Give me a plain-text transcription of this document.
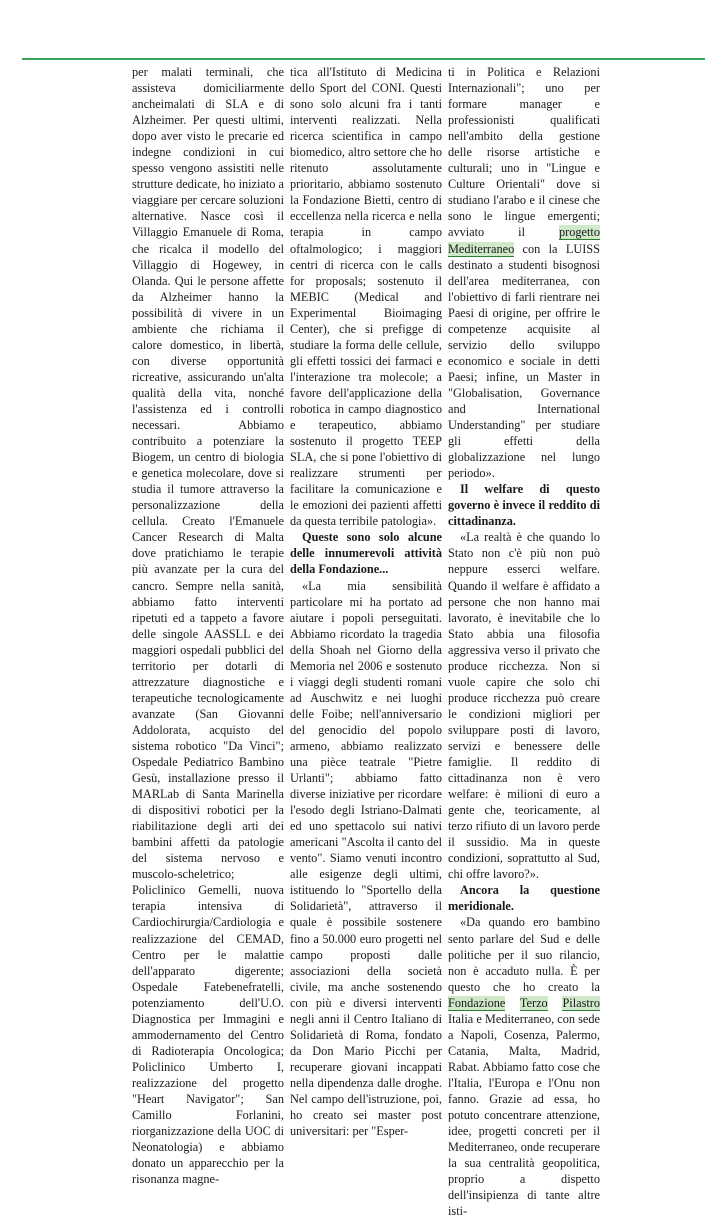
per malati terminali, che assisteva domiciliarmente ancheimalati di SLA e di Alzheimer. Per questi ultimi, dopo aver visto le precarie ed indegne condizioni in cui spesso vengono assistiti nelle strutture dedicate, ho iniziato a viaggiare per cercare soluzioni alternative. Nasce così il Villaggio Emanuele di Roma, che ricalca il modello del Villaggio di Hogewey, in Olanda. Qui le persone affette da Alzheimer hanno la possibilità di vivere in un ambiente che richiama il calore domestico, in libertà, con diverse opportunità ricreative, assicurando un'alta qualità della vita, nonché l'assistenza ed i controlli necessari. Abbiamo contribuito a potenziare la Biogem, un centro di biologia e genetica molecolare, dove si studia il tumore attraverso la personalizzazione della cellula. Creato l'Emanuele Cancer Research di Malta dove pratichiamo le terapie più avanzate per la cura del cancro. Sempre nella sanità, abbiamo fatto interventi ripetuti ed a tappeto a favore delle singole AASSLL e dei maggiori ospedali pubblici del territorio per dotarli di attrezzature diagnostiche e terapeutiche tecnologicamente avanzate (San Giovanni Addolorata, acquisto del sistema robotico "Da Vinci"; Ospedale Pediatrico Bambino Gesù, installazione presso il MARLab di Santa Marinella di dispositivi robotici per la riabilitazione degli arti dei bambini affetti da patologie del sistema nervoso e muscolo-scheletrico; Policlinico Gemelli, nuova terapia intensiva di Cardiochirurgia/Cardiologia e realizzazione del CEMAD, Centro per le malattie dell'apparato digerente; Ospedale Fatebenefratelli, potenziamento dell'U.O. Diagnostica per Immagini e ammodernamento del Centro di Radioterapia Oncologica; Policlinico Umberto I, realizzazione del progetto "Heart Navigator"; San Camillo Forlanini, riorganizzazione della UOC di Neonatologia) e abbiamo donato un apparecchio per la risonanza magne-

tica all'Istituto di Medicina dello Sport del CONI. Questi sono solo alcuni fra i tanti interventi realizzati. Nella ricerca scientifica in campo biomedico, altro settore che ho ritenuto assolutamente prioritario, abbiamo sostenuto la Fondazione Bietti, centro di eccellenza nella ricerca e nella terapia in campo oftalmologico; i maggiori centri di ricerca con le calls for proposals; sostenuto il MEBIC (Medical and Experimental Bioimaging Center), che si prefigge di studiare la forma delle cellule, gli effetti tossici dei farmaci e l'interazione tra molecole; a favore dell'applicazione della robotica in campo diagnostico e terapeutico, abbiamo sostenuto il progetto TEEP SLA, che si pone l'obiettivo di realizzare strumenti per facilitare la comunicazione e le emozioni dei pazienti affetti da questa terribile patologia».

Queste sono solo alcune delle innumerevoli attività della Fondazione...

«La mia sensibilità particolare mi ha portato ad aiutare i popoli perseguitati. Abbiamo ricordato la tragedia della Shoah nel Giorno della Memoria nel 2006 e sostenuto i viaggi degli studenti romani ad Auschwitz e nei luoghi delle Foibe; nell'anniversario del genocidio del popolo armeno, abbiamo realizzato una pièce teatrale "Pietre Urlanti"; abbiamo fatto diverse iniziative per ricordare l'esodo degli Istriano-Dalmati ed uno spettacolo sui nativi americani "Ascolta il canto del vento". Siamo venuti incontro alle esigenze degli ultimi, istituendo lo "Sportello della Solidarietà", attraverso il quale è possibile sostenere fino a 50.000 euro progetti nel campo proposti dalle associazioni della società civile, ma anche sostenendo con più e diversi interventi negli anni il Centro Italiano di Solidarietà di Roma, fondato da Don Mario Picchi per recuperare giovani incappati nella dipendenza dalle droghe. Nel campo dell'istruzione, poi, ho creato sei master post universitari: per "Esper-

ti in Politica e Relazioni Internazionali"; uno per formare manager e professionisti qualificati nell'ambito della gestione delle risorse artistiche e culturali; uno in "Lingue e Culture Orientali" dove si studiano l'arabo e il cinese che sono le lingue emergenti; avviato il progetto Mediterraneo con la LUISS destinato a studenti bisognosi dell'area mediterranea, con l'obiettivo di farli rientrare nei Paesi di origine, per offrire le competenze acquisite al servizio dello sviluppo economico e sociale in detti Paesi; infine, un Master in "Globalisation, Governance and International Understanding" per studiare gli effetti della globalizzazione nel lungo periodo».

Il welfare di questo governo è invece il reddito di cittadinanza.

«La realtà è che quando lo Stato non c'è più non può neppure esserci welfare. Quando il welfare è affidato a persone che non hanno mai lavorato, è inevitabile che lo Stato abbia una filosofia aggressiva verso il privato che produce ricchezza. Non si vuole capire che solo chi produce ricchezza può creare le condizioni migliori per sviluppare posti di lavoro, servizi e benessere delle famiglie. Il reddito di cittadinanza non è vero welfare: è milioni di euro a gente che, teoricamente, al terzo rifiuto di un lavoro perde il sussidio. Ma in queste condizioni, soprattutto al Sud, chi offre lavoro?».

Ancora la questione meridionale.

«Da quando ero bambino sento parlare del Sud e delle politiche per il suo rilancio, non è accaduto nulla. È per questo che ho creato la Fondazione Terzo Pilastro Italia e Mediterraneo, con sede a Napoli, Cosenza, Palermo, Catania, Malta, Madrid, Rabat. Abbiamo fatto cose che l'Italia, l'Europa e l'Onu non fanno. Grazie ad essa, ho potuto concentrare attenzione, idee, progetti concreti per il Mediterraneo, onde recuperare la sua centralità geopolitica, proprio a dispetto dell'insipienza di tante altre isti-
